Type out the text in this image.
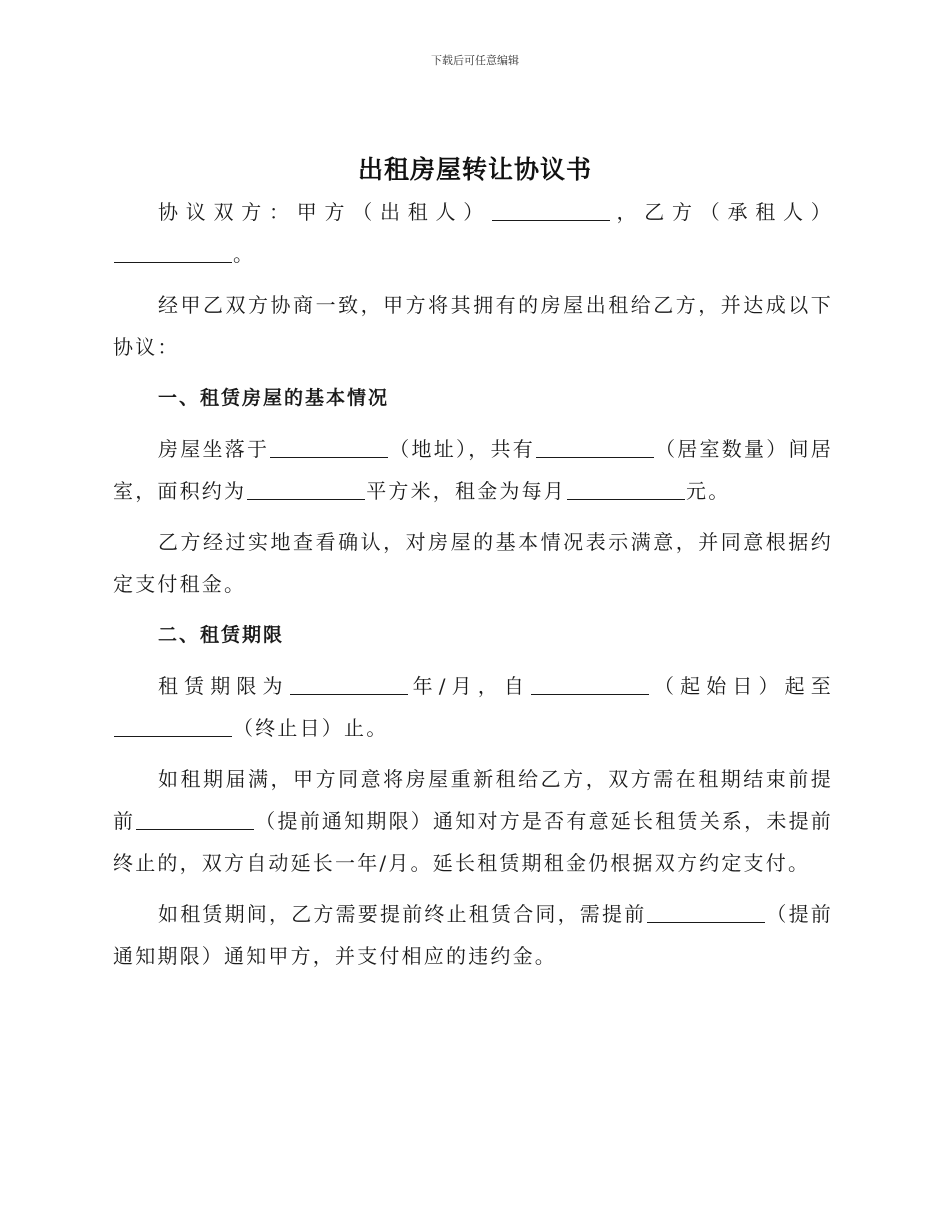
下载后可任意编辑
出租房屋转让协议书

协议双方：甲方（出租人）	，乙方（承租人）。

经甲乙双方协商一致，甲方将其拥有的房屋出租给乙方，并达成以下协议：

一、租赁房屋的基本情况

房屋坐落于	（地址），共有	（居室数量）间居室，面积约为	平方米，租金为每月	元。

乙方经过实地查看确认，对房屋的基本情况表示满意，并同意根据约定支付租金。

二、租赁期限

租赁期限为	年/月，自	（起始日）起至（终止日）止。

如租期届满，甲方同意将房屋重新租给乙方，双方需在租期结束前提前	（提前通知期限）通知对方是否有意延长租赁关系，未提前终止的，双方自动延长一年/月。延长租赁期租金仍根据双方约定支付。

如租赁期间，乙方需要提前终止租赁合同，需提前	（提前通知期限）通知甲方，并支付相应的违约金。
